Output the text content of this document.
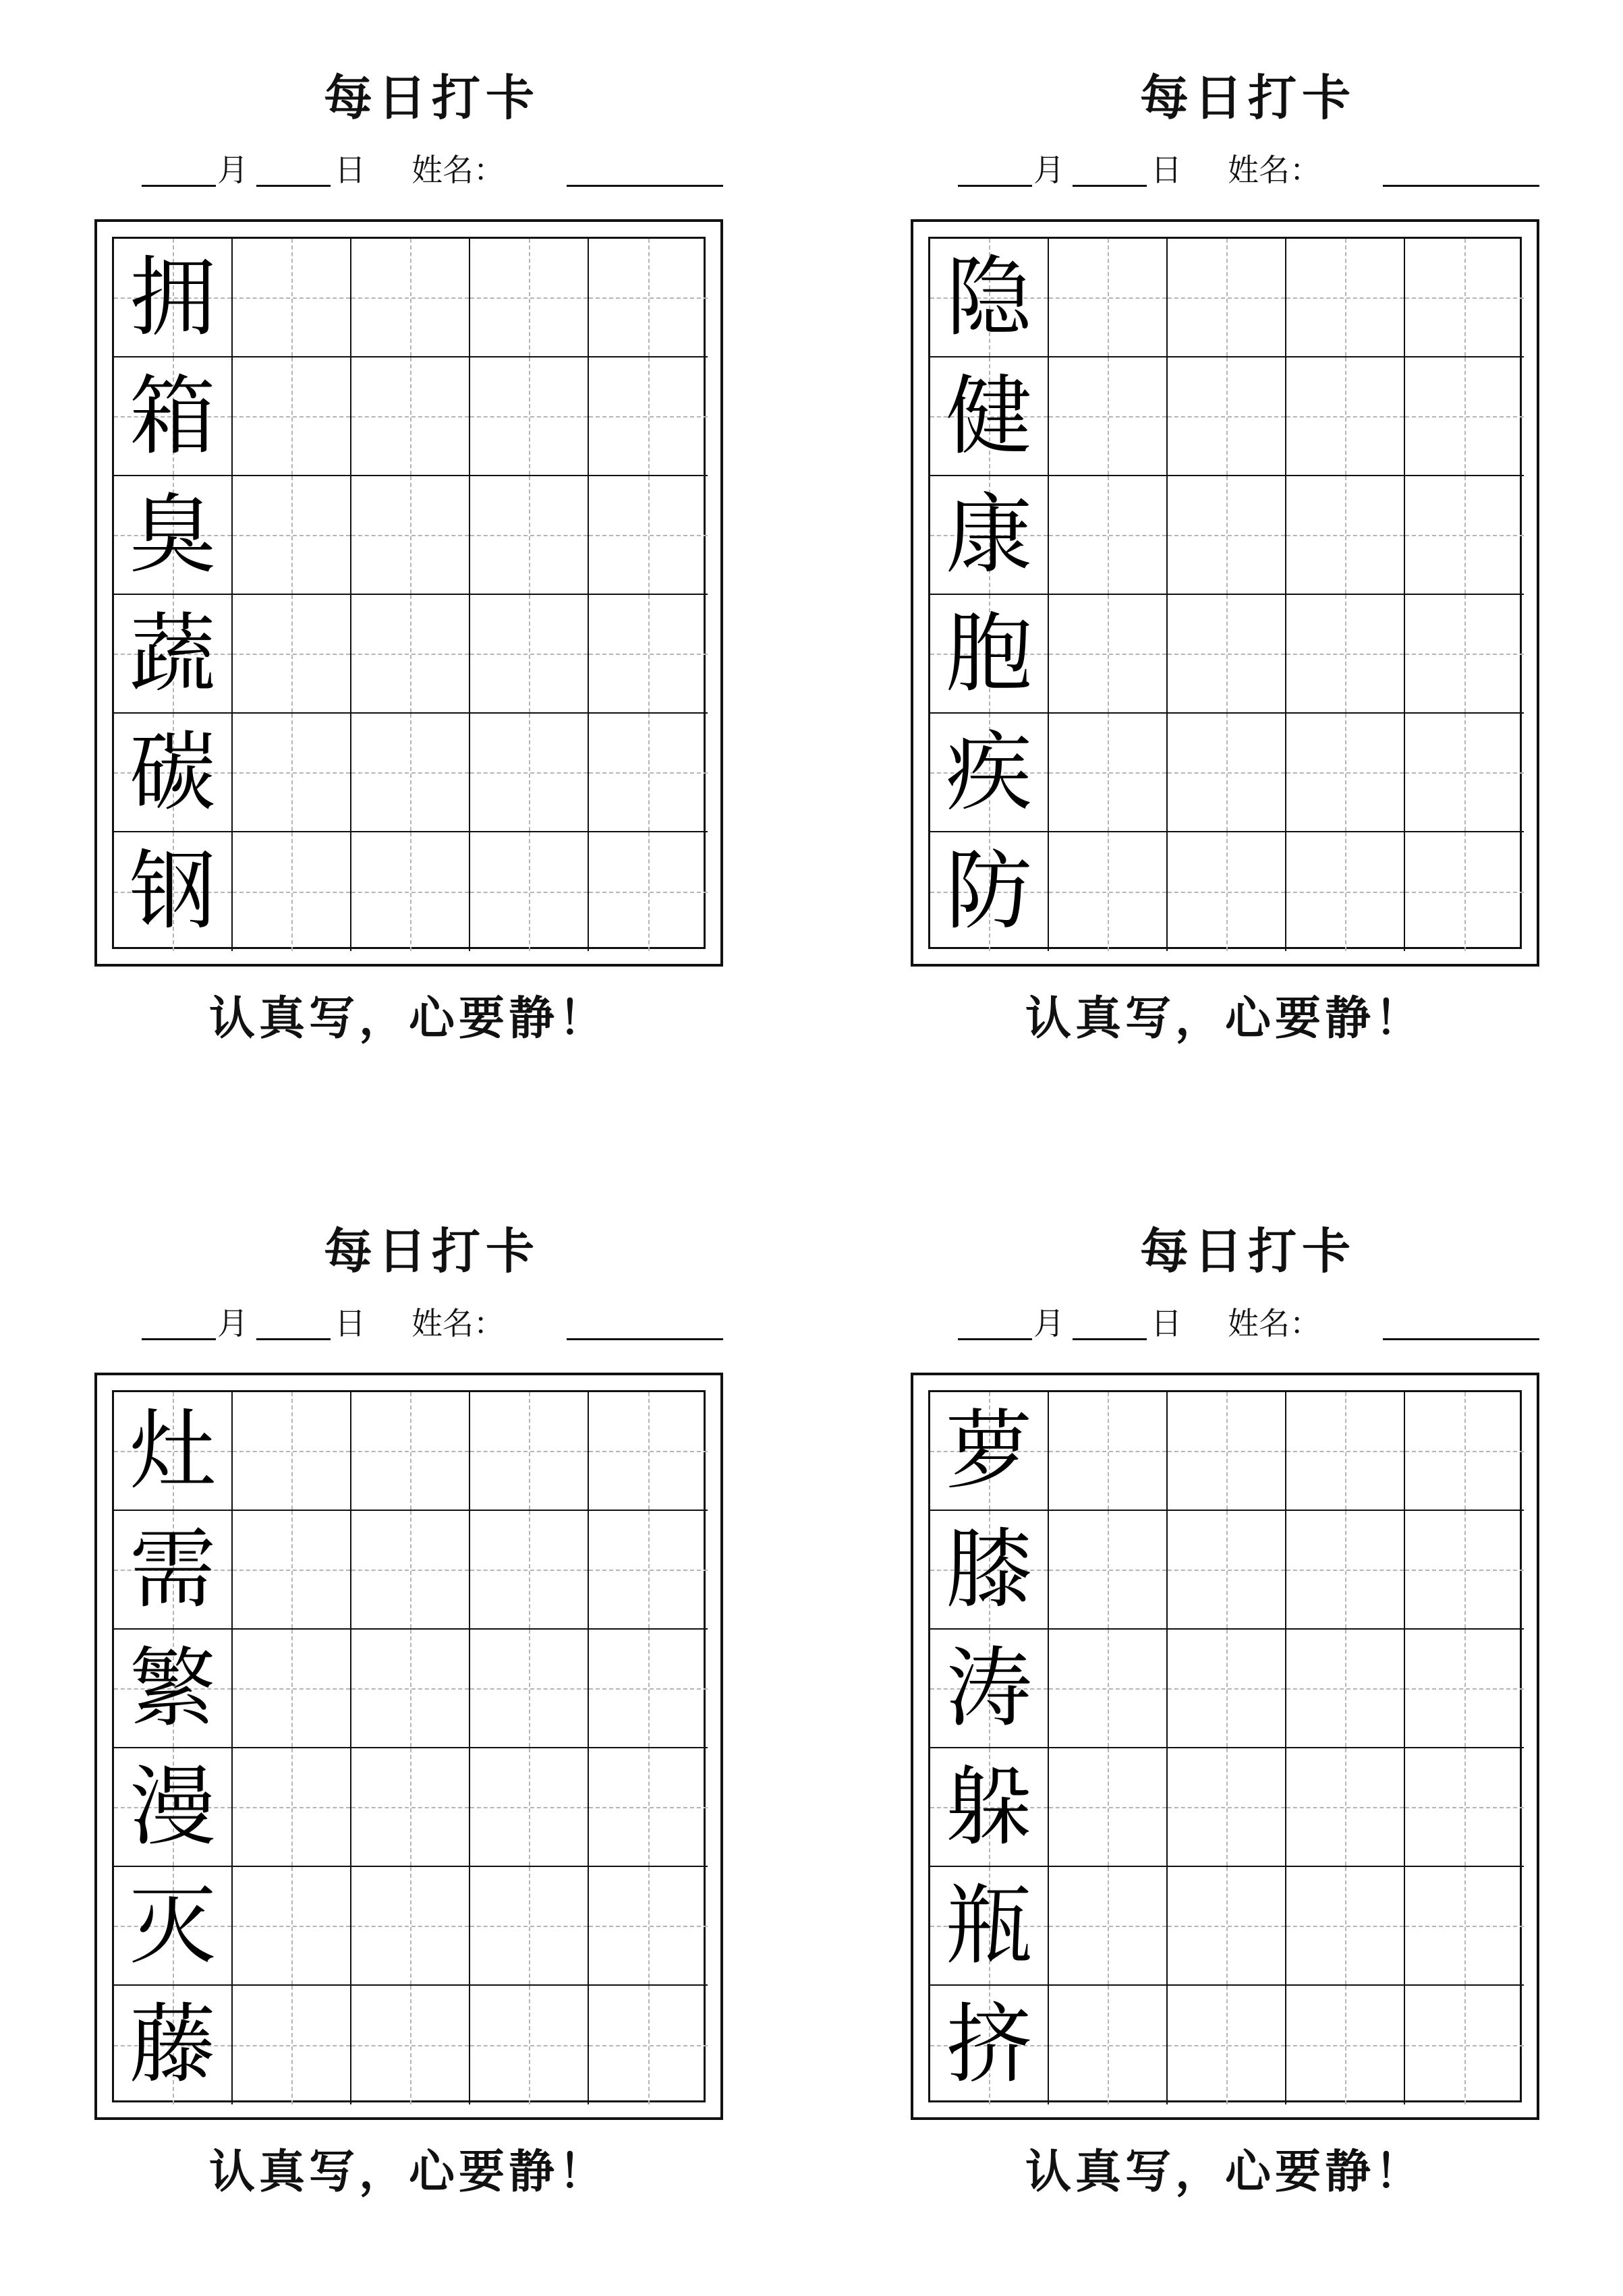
每日打卡
月	日 姓名：
拥
箱
臭
蔬
碳
钢
认真写，心要静！
每日打卡
月	日 姓名：
隐
健
康
胞
疾
防
认真写，心要静！
每日打卡
月	日 姓名：
灶
需
繁
漫
灭
藤
认真写，心要静！
每日打卡
月	日 姓名：
萝
膝
涛
躲
瓶
挤
认真写，心要静！
